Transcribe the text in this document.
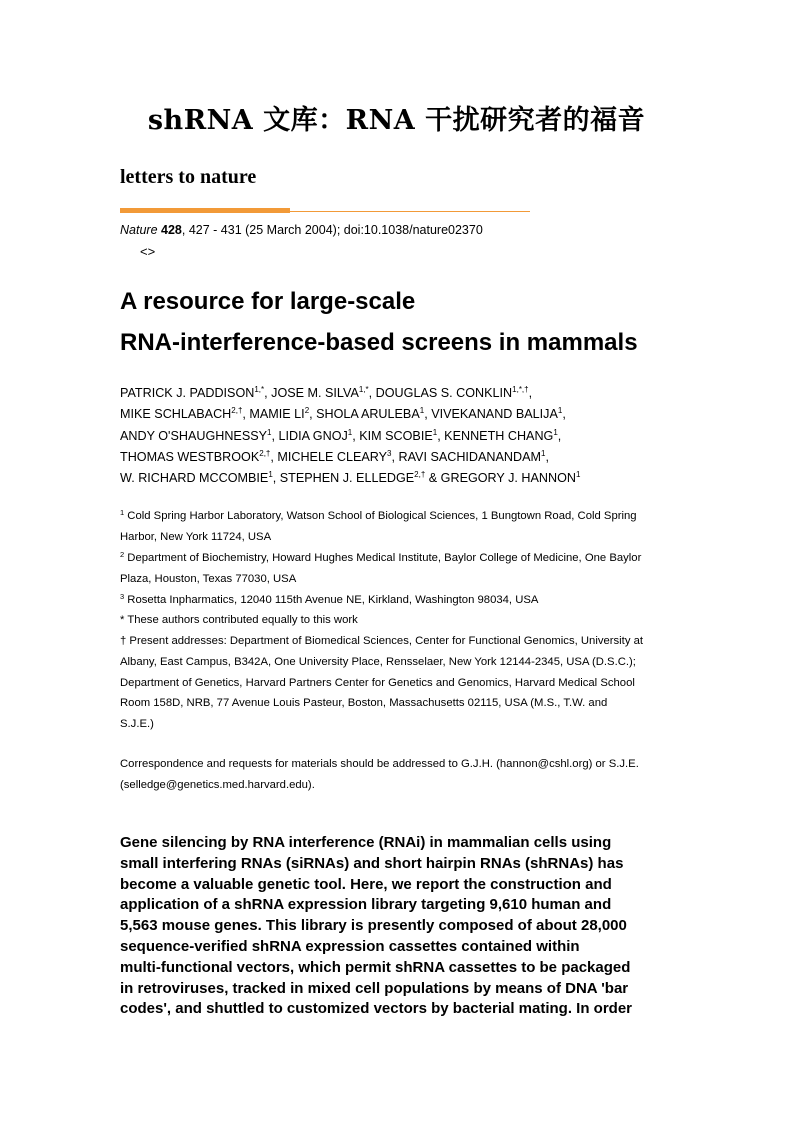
shRNA 文库：RNA 干扰研究者的福音
letters to nature
Nature 428, 427 - 431 (25 March 2004); doi:10.1038/nature02370
<>
A resource for large-scale
RNA-interference-based screens in mammals
PATRICK J. $PADDISON^{1,*}$, JOSE M. $SILVA^{1,*}$, DOUGLAS S. $CONKLIN^{1,*,\dagger}$,
MIKE $SCHLABACH^{2,\dagger}$, MAMIE $LI^2$, SHOLA ARULEBA$^1$, VIVEKANAND BALIJA$^1$,
ANDY O'SHAUGHNESSY$^1$, LIDIA GNOJ$^1$, KIM SCOBIE$^1$, KENNETH CHANG$^1$,
THOMAS $WESTBROOK^{2,\dagger}$, MICHELE CLEARY$^3$, RAVI SACHIDANANDAM$^1$,
W. RICHARD MCCOMBIE$^1$, STEPHEN J. $ELLEDGE^{2,\dagger}$ & GREGORY J. HANNON$^1$
$^1$ Cold Spring Harbor Laboratory, Watson School of Biological Sciences, 1 Bungtown Road, Cold Spring
Harbor, New York 11724, USA
$^2$ Department of Biochemistry, Howard Hughes Medical Institute, Baylor College of Medicine, One Baylor
Plaza, Houston, Texas 77030, USA
$^3$ Rosetta Inpharmatics, 12040 115th Avenue NE, Kirkland, Washington 98034, USA
* These authors contributed equally to this work
† Present addresses: Department of Biomedical Sciences, Center for Functional Genomics, University at
Albany, East Campus, B342A, One University Place, Rensselaer, New York 12144-2345, USA (D.S.C.);
Department of Genetics, Harvard Partners Center for Genetics and Genomics, Harvard Medical School
Room 158D, NRB, 77 Avenue Louis Pasteur, Boston, Massachusetts 02115, USA (M.S., T.W. and
S.J.E.)
Correspondence and requests for materials should be addressed to G.J.H. (hannon@cshl.org) or S.J.E.
(selledge@genetics.med.harvard.edu).
Gene silencing by RNA interference (RNAi) in mammalian cells using
small interfering RNAs (siRNAs) and short hairpin RNAs (shRNAs) has
become a valuable genetic tool. Here, we report the construction and
application of a shRNA expression library targeting 9,610 human and
5,563 mouse genes. This library is presently composed of about 28,000
sequence-verified shRNA expression cassettes contained within
multi-functional vectors, which permit shRNA cassettes to be packaged
in retroviruses, tracked in mixed cell populations by means of DNA 'bar
codes', and shuttled to customized vectors by bacterial mating. In order
